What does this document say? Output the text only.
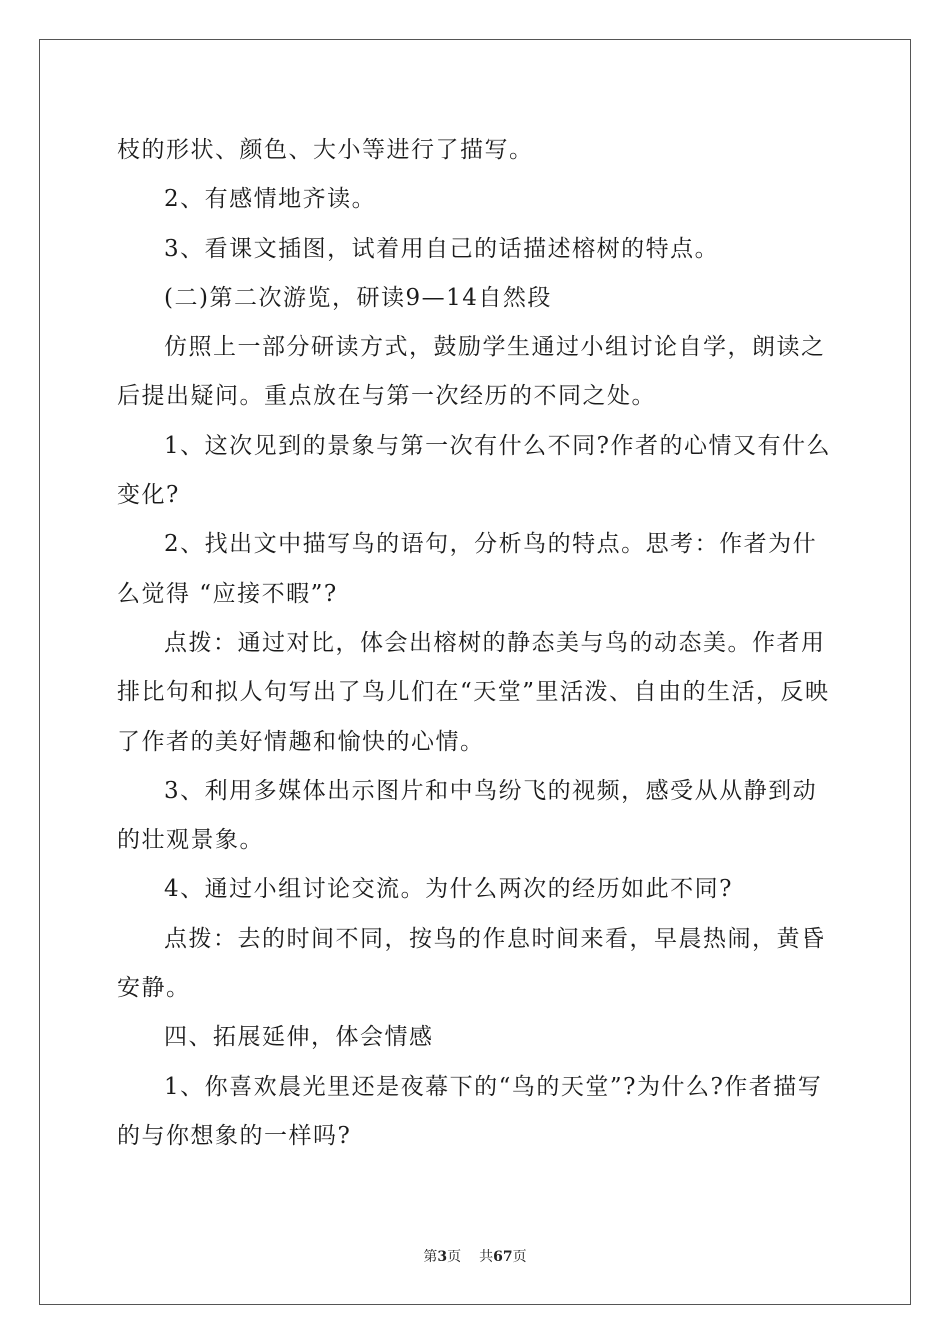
枝的形状、颜色、大小等进行了描写。

2、有感情地齐读。

3、看课文插图，试着用自己的话描述榕树的特点。

(二)第二次游览，研读9—14自然段

仿照上一部分研读方式，鼓励学生通过小组讨论自学，朗读之后提出疑问。重点放在与第一次经历的不同之处。

1、这次见到的景象与第一次有什么不同?作者的心情又有什么变化?

2、找出文中描写鸟的语句，分析鸟的特点。思考：作者为什么觉得 “应接不暇”?

点拨：通过对比，体会出榕树的静态美与鸟的动态美。作者用排比句和拟人句写出了鸟儿们在“天堂”里活泼、自由的生活，反映了作者的美好情趣和愉快的心情。

3、利用多媒体出示图片和中鸟纷飞的视频，感受从从静到动的壮观景象。

4、通过小组讨论交流。为什么两次的经历如此不同?

点拨：去的时间不同，按鸟的作息时间来看，早晨热闹，黄昏安静。

四、拓展延伸，体会情感

1、你喜欢晨光里还是夜幕下的“鸟的天堂”?为什么?作者描写的与你想象的一样吗?

第3页 共67页
